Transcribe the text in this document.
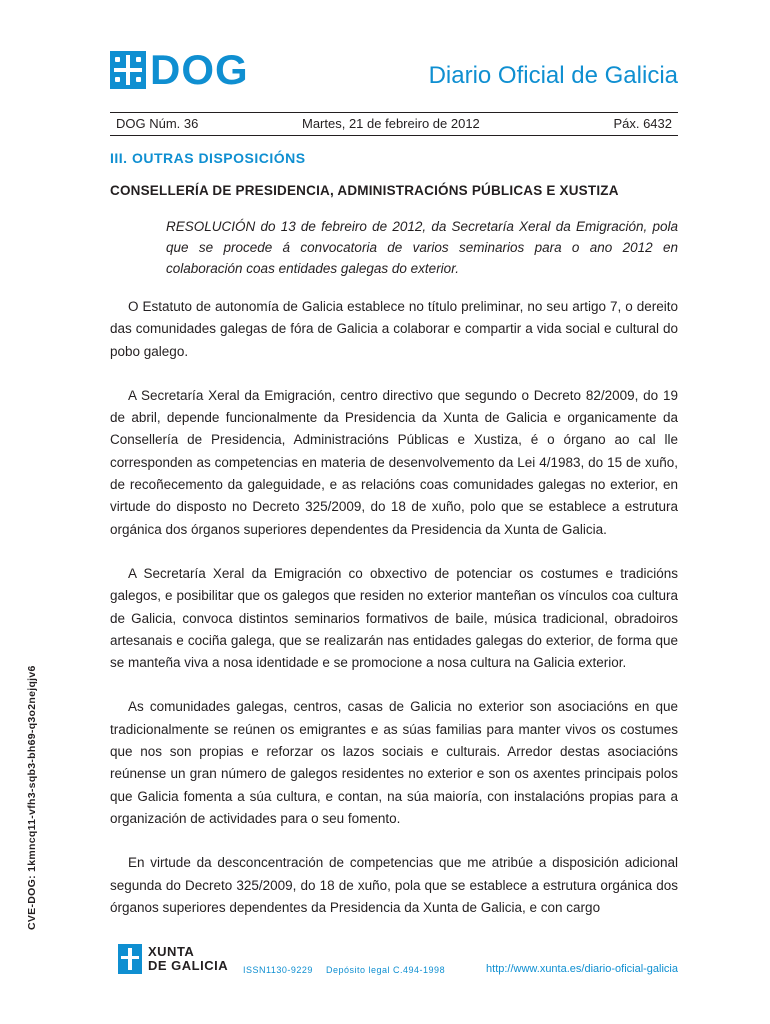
DOG	Diario Oficial de Galicia
DOG Núm. 36	Martes, 21 de febreiro de 2012	Páx. 6432
III. OUTRAS DISPOSICIÓNS
CONSELLERÍA DE PRESIDENCIA, ADMINISTRACIÓNS PÚBLICAS E XUSTIZA
RESOLUCIÓN do 13 de febreiro de 2012, da Secretaría Xeral da Emigración, pola que se procede á convocatoria de varios seminarios para o ano 2012 en colaboración coas entidades galegas do exterior.

O Estatuto de autonomía de Galicia establece no título preliminar, no seu artigo 7, o dereito das comunidades galegas de fóra de Galicia a colaborar e compartir a vida social e cultural do pobo galego.

A Secretaría Xeral da Emigración, centro directivo que segundo o Decreto 82/2009, do 19 de abril, depende funcionalmente da Presidencia da Xunta de Galicia e organicamente da Consellería de Presidencia, Administracións Públicas e Xustiza, é o órgano ao cal lle corresponden as competencias en materia de desenvolvemento da Lei 4/1983, do 15 de xuño, de recoñecemento da galeguidade, e as relacións coas comunidades galegas no exterior, en virtude do disposto no Decreto 325/2009, do 18 de xuño, polo que se establece a estrutura orgánica dos órganos superiores dependentes da Presidencia da Xunta de Galicia.

A Secretaría Xeral da Emigración co obxectivo de potenciar os costumes e tradicións galegos, e posibilitar que os galegos que residen no exterior manteñan os vínculos coa cultura de Galicia, convoca distintos seminarios formativos de baile, música tradicional, obradoiros artesanais e cociña galega, que se realizarán nas entidades galegas do exterior, de forma que se manteña viva a nosa identidade e se promocione a nosa cultura na Galicia exterior.

As comunidades galegas, centros, casas de Galicia no exterior son asociacións en que tradicionalmente se reúnen os emigrantes e as súas familias para manter vivos os costumes que nos son propias e reforzar os lazos sociais e culturais. Arredor destas asociacións reúnense un gran número de galegos residentes no exterior e son os axentes principais polos que Galicia fomenta a súa cultura, e contan, na súa maioría, con instalacións propias para a organización de actividades para o seu fomento.

En virtude da desconcentración de competencias que me atribúe a disposición adicional segunda do Decreto 325/2009, do 18 de xuño, pola que se establece a estrutura orgánica dos órganos superiores dependentes da Presidencia da Xunta de Galicia, e con cargo

CVE-DOG: 1kmncq11-vfh3-sqb3-bh69-q3o2nejqjv6
XUNTA
DE GALICIA ISSN1130-9229 Depósito legal C.494-1998	http://www.xunta.es/diario-oficial-galicia
